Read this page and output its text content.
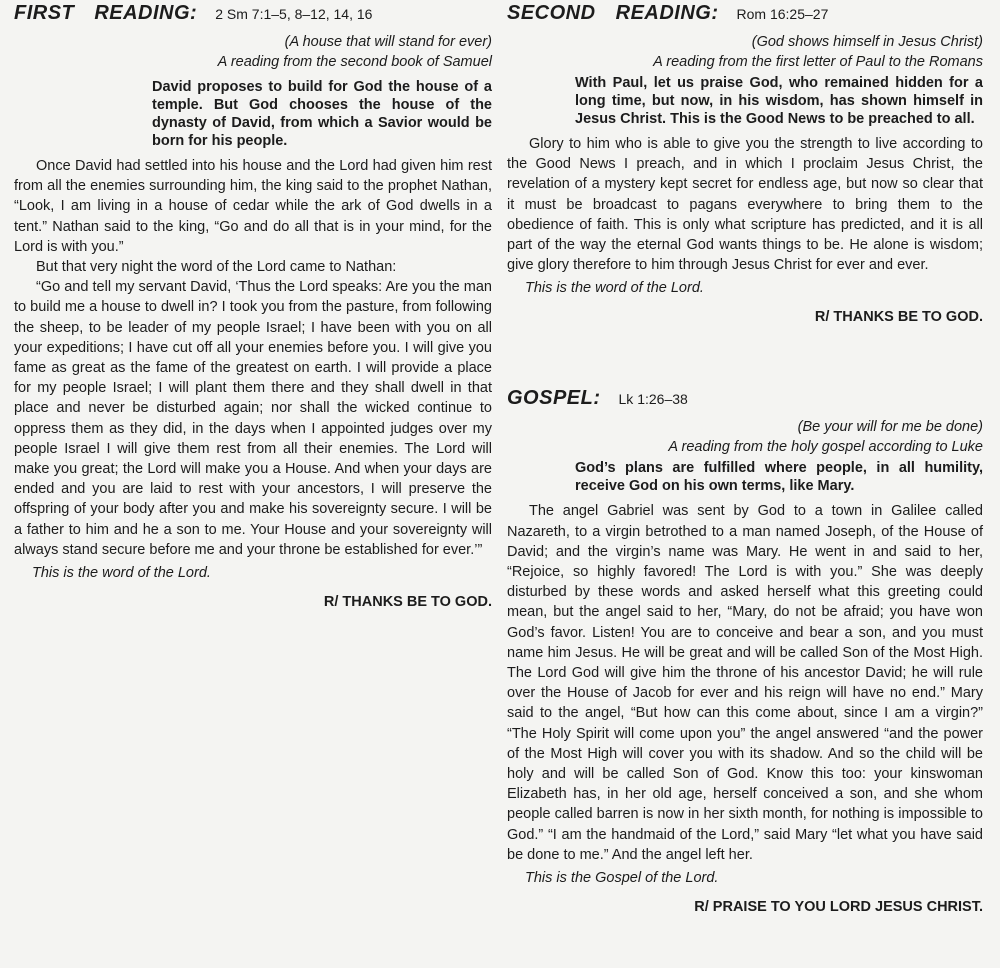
FIRST READING: 2 Sm 7:1–5, 8–12, 14, 16
(A house that will stand for ever)
A reading from the second book of Samuel
David proposes to build for God the house of a temple. But God chooses the house of the dynasty of David, from which a Savior would be born for his people.

Once David had settled into his house and the Lord had given him rest from all the enemies surrounding him, the king said to the prophet Nathan, “Look, I am living in a house of cedar while the ark of God dwells in a tent.” Nathan said to the king, “Go and do all that is in your mind, for the Lord is with you.”

But that very night the word of the Lord came to Nathan:

“Go and tell my servant David, ‘Thus the Lord speaks: Are you the man to build me a house to dwell in? I took you from the pasture, from following the sheep, to be leader of my people Israel; I have been with you on all your expeditions; I have cut off all your enemies before you. I will give you fame as great as the fame of the greatest on earth. I will provide a place for my people Israel; I will plant them there and they shall dwell in that place and never be disturbed again; nor shall the wicked continue to oppress them as they did, in the days when I appointed judges over my people Israel I will give them rest from all their enemies. The Lord will make you great; the Lord will make you a House. And when your days are ended and you are laid to rest with your ancestors, I will preserve the offspring of your body after you and make his sovereignty secure. I will be a father to him and he a son to me. Your House and your sovereignty will always stand secure before me and your throne be established for ever.’”

This is the word of the Lord.
R/ THANKS BE TO GOD.
SECOND READING: Rom 16:25–27
(God shows himself in Jesus Christ)
A reading from the first letter of Paul to the Romans
With Paul, let us praise God, who remained hidden for a long time, but now, in his wisdom, has shown himself in Jesus Christ. This is the Good News to be preached to all.

Glory to him who is able to give you the strength to live according to the Good News I preach, and in which I proclaim Jesus Christ, the revelation of a mystery kept secret for endless age, but now so clear that it must be broadcast to pagans everywhere to bring them to the obedience of faith. This is only what scripture has predicted, and it is all part of the way the eternal God wants things to be. He alone is wisdom; give glory therefore to him through Jesus Christ for ever and ever.

This is the word of the Lord.
R/ THANKS BE TO GOD.
GOSPEL: Lk 1:26–38
(Be your will for me be done)
A reading from the holy gospel according to Luke
God’s plans are fulfilled where people, in all humility, receive God on his own terms, like Mary.

The angel Gabriel was sent by God to a town in Galilee called Nazareth, to a virgin betrothed to a man named Joseph, of the House of David; and the virgin’s name was Mary. He went in and said to her, “Rejoice, so highly favored! The Lord is with you.” She was deeply disturbed by these words and asked herself what this greeting could mean, but the angel said to her, “Mary, do not be afraid; you have won God’s favor. Listen! You are to conceive and bear a son, and you must name him Jesus. He will be great and will be called Son of the Most High. The Lord God will give him the throne of his ancestor David; he will rule over the House of Jacob for ever and his reign will have no end.” Mary said to the angel, “But how can this come about, since I am a virgin?” “The Holy Spirit will come upon you” the angel answered “and the power of the Most High will cover you with its shadow. And so the child will be holy and will be called Son of God. Know this too: your kinswoman Elizabeth has, in her old age, herself conceived a son, and she whom people called barren is now in her sixth month, for nothing is impossible to God.” “I am the handmaid of the Lord,” said Mary “let what you have said be done to me.” And the angel left her.

This is the Gospel of the Lord.
R/ PRAISE TO YOU LORD JESUS CHRIST.
